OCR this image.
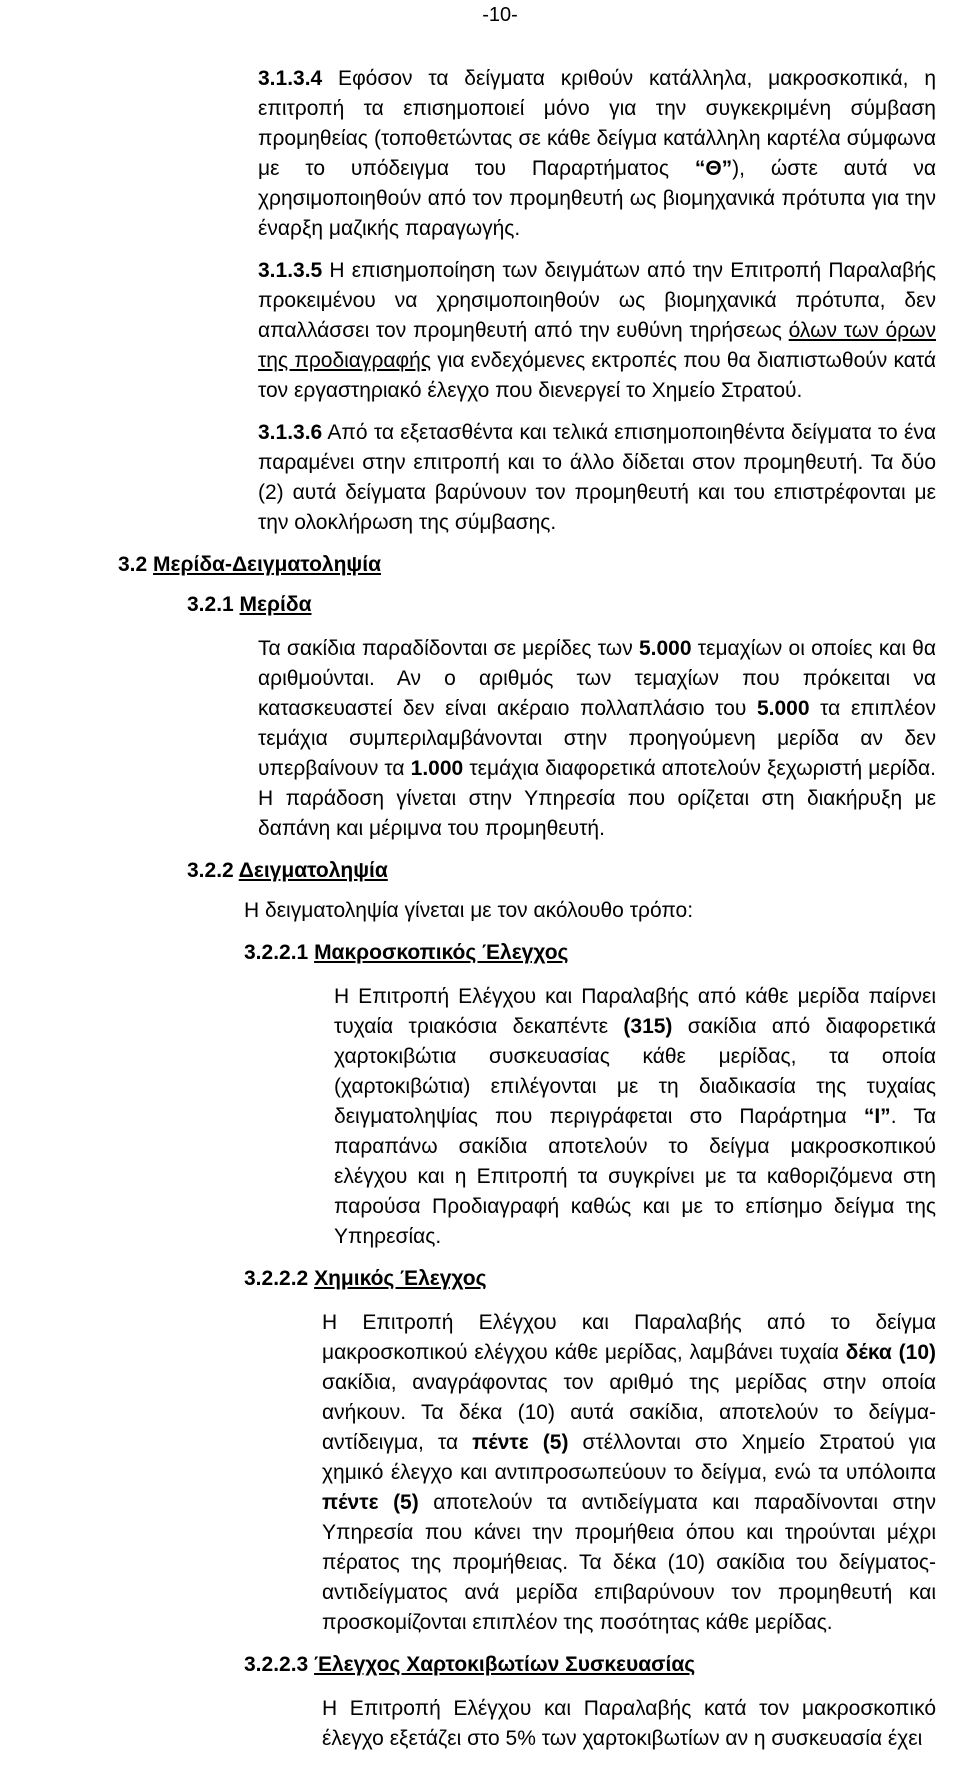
-10-

3.1.3.4 Εφόσον τα δείγματα κριθούν κατάλληλα, μακροσκοπικά, η επιτροπή τα επισημοποιεί μόνο για την συγκεκριμένη σύμβαση προμηθείας (τοποθετώντας σε κάθε δείγμα κατάλληλη καρτέλα σύμφωνα με το υπόδειγμα του Παραρτήματος “Θ”), ώστε αυτά να χρησιμοποιηθούν από τον προμηθευτή ως βιομηχανικά πρότυπα για την έναρξη μαζικής παραγωγής.

3.1.3.5 Η επισημοποίηση των δειγμάτων από την Επιτροπή Παραλαβής προκειμένου να χρησιμοποιηθούν ως βιομηχανικά πρότυπα, δεν απαλλάσσει τον προμηθευτή από την ευθύνη τηρήσεως όλων των όρων της προδιαγραφής για ενδεχόμενες εκτροπές που θα διαπιστωθούν κατά τον εργαστηριακό έλεγχο που διενεργεί το Χημείο Στρατού.

3.1.3.6 Από τα εξετασθέντα και τελικά επισημοποιηθέντα δείγματα το ένα παραμένει στην επιτροπή και το άλλο δίδεται στον προμηθευτή. Τα δύο (2) αυτά δείγματα βαρύνουν τον προμηθευτή και του επιστρέφονται με την ολοκλήρωση της σύμβασης.

3.2 Μερίδα-Δειγματοληψία
3.2.1 Μερίδα

Τα σακίδια παραδίδονται σε μερίδες των 5.000 τεμαχίων οι οποίες και θα αριθμούνται. Αν ο αριθμός των τεμαχίων που πρόκειται να κατασκευαστεί δεν είναι ακέραιο πολλαπλάσιο του 5.000 τα επιπλέον τεμάχια συμπεριλαμβάνονται στην προηγούμενη μερίδα αν δεν υπερβαίνουν τα 1.000 τεμάχια διαφορετικά αποτελούν ξεχωριστή μερίδα. Η παράδοση γίνεται στην Υπηρεσία που ορίζεται στη διακήρυξη με δαπάνη και μέριμνα του προμηθευτή.

3.2.2 Δειγματοληψία
Η δειγματοληψία γίνεται με τον ακόλουθο τρόπο:
3.2.2.1 Μακροσκοπικός Έλεγχος

Η Επιτροπή Ελέγχου και Παραλαβής από κάθε μερίδα παίρνει τυχαία τριακόσια δεκαπέντε (315) σακίδια από διαφορετικά χαρτοκιβώτια συσκευασίας κάθε μερίδας, τα οποία (χαρτοκιβώτια) επιλέγονται με τη διαδικασία της τυχαίας δειγματοληψίας που περιγράφεται στο Παράρτημα “Ι”. Τα παραπάνω σακίδια αποτελούν το δείγμα μακροσκοπικού ελέγχου και η Επιτροπή τα συγκρίνει με τα καθοριζόμενα στη παρούσα Προδιαγραφή καθώς και με το επίσημο δείγμα της Υπηρεσίας.

3.2.2.2 Χημικός Έλεγχος

Η Επιτροπή Ελέγχου και Παραλαβής από το δείγμα μακροσκοπικού ελέγχου κάθε μερίδας, λαμβάνει τυχαία δέκα (10) σακίδια, αναγράφοντας τον αριθμό της μερίδας στην οποία ανήκουν. Τα δέκα (10) αυτά σακίδια, αποτελούν το δείγμα-αντίδειγμα, τα πέντε (5) στέλλονται στο Χημείο Στρατού για χημικό έλεγχο και αντιπροσωπεύουν το δείγμα, ενώ τα υπόλοιπα πέντε (5) αποτελούν τα αντιδείγματα και παραδίνονται στην Υπηρεσία που κάνει την προμήθεια όπου και τηρούνται μέχρι πέρατος της προμήθειας. Τα δέκα (10) σακίδια του δείγματος-αντιδείγματος ανά μερίδα επιβαρύνουν τον προμηθευτή και προσκομίζονται επιπλέον της ποσότητας κάθε μερίδας.

3.2.2.3 Έλεγχος Χαρτοκιβωτίων Συσκευασίας

Η Επιτροπή Ελέγχου και Παραλαβής κατά τον μακροσκοπικό έλεγχο εξετάζει στο 5% των χαρτοκιβωτίων αν η συσκευασία έχει
